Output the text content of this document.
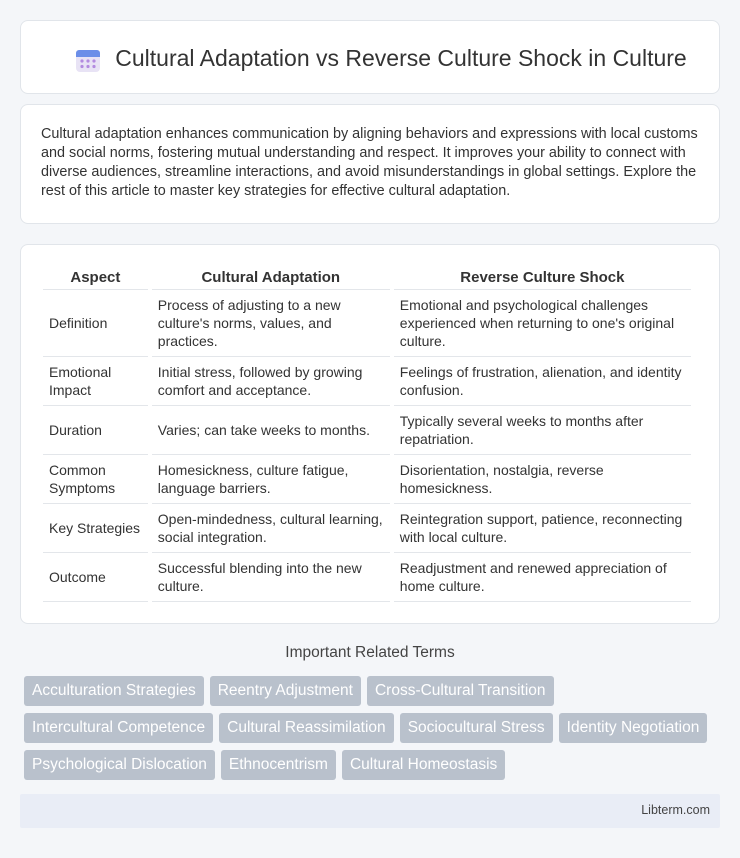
Cultural Adaptation vs Reverse Culture Shock in Culture

Cultural adaptation enhances communication by aligning behaviors and expressions with local customs and social norms, fostering mutual understanding and respect. It improves your ability to connect with diverse audiences, streamline interactions, and avoid misunderstandings in global settings. Explore the rest of this article to master key strategies for effective cultural adaptation.

Aspect	Cultural Adaptation	Reverse Culture Shock
Definition	Process of adjusting to a new culture's norms, values, and practices.	Emotional and psychological challenges experienced when returning to one's original culture.
Emotional Impact	Initial stress, followed by growing comfort and acceptance.	Feelings of frustration, alienation, and identity confusion.
Duration	Varies; can take weeks to months.	Typically several weeks to months after repatriation.
Common Symptoms	Homesickness, culture fatigue, language barriers.	Disorientation, nostalgia, reverse homesickness.
Key Strategies	Open-mindedness, cultural learning, social integration.	Reintegration support, patience, reconnecting with local culture.
Outcome	Successful blending into the new culture.	Readjustment and renewed appreciation of home culture.
Important Related Terms
Acculturation Strategies	Reentry Adjustment	Cross-Cultural Transition
Intercultural Competence	Cultural Reassimilation	Sociocultural Stress	Identity Negotiation
Psychological Dislocation	Ethnocentrism	Cultural Homeostasis
Libterm.com
